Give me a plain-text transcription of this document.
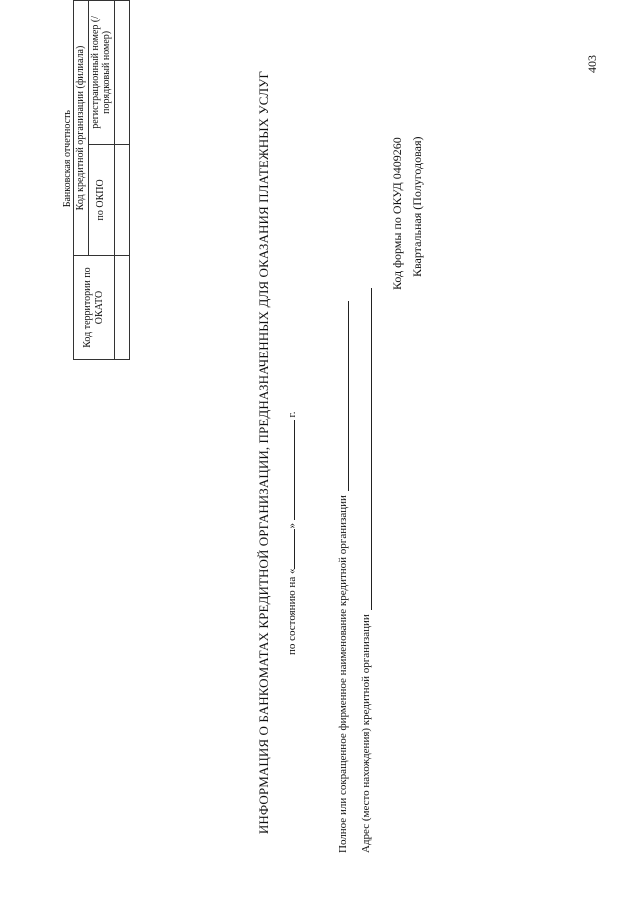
Банковская отчетность
Код территории по ОКАТО	Код кредитной организации (филиала)	
	по ОКПО	регистрационный номер (/порядковый номер)
			ИНФОРМАЦИЯ О БАНКОМАТАХ КРЕДИТНОЙ ОРГАНИЗАЦИИ, ПРЕДНАЗНАЧЕННЫХ ДЛЯ ОКАЗАНИЯ ПЛАТЕЖНЫХ УСЛУГ по состоянию на «»  г.
Полное или сокращенное фирменное наименование кредитной организации Адрес (место нахождения) кредитной организации
Код формы по ОКУД 0409260 Квартальная (Полугодовая)
403
